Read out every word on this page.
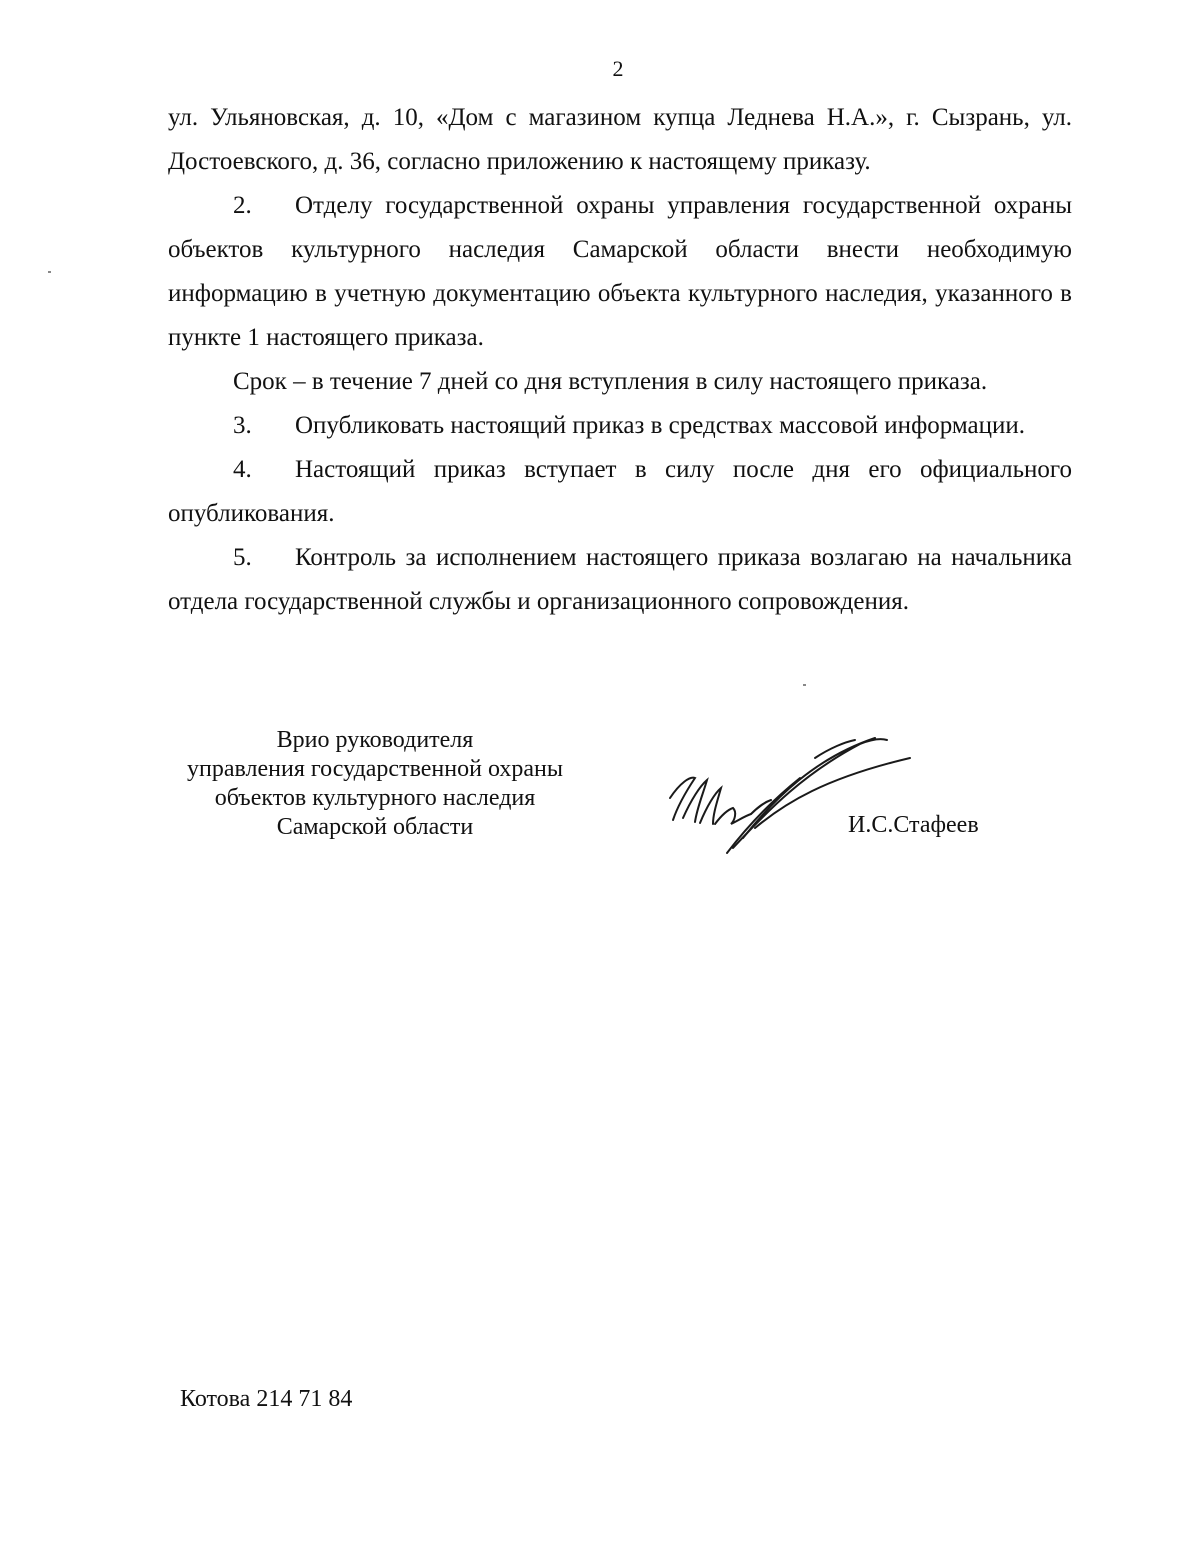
2

ул. Ульяновская, д. 10, «Дом с магазином купца Леднева Н.А.», г. Сызрань, ул. Достоевского, д. 36, согласно приложению к настоящему приказу.

2. Отделу государственной охраны управления государственной охраны объектов культурного наследия Самарской области внести необходимую информацию в учетную документацию объекта культурного наследия, указанного в пункте 1 настоящего приказа.

Срок – в течение 7 дней со дня вступления в силу настоящего приказа.

3. Опубликовать настоящий приказ в средствах массовой информации.

4. Настоящий приказ вступает в силу после дня его официального опубликования.

5. Контроль за исполнением настоящего приказа возлагаю на начальника отдела государственной службы и организационного сопровождения.

Врио руководителя
управления государственной охраны
объектов культурного наследия
Самарской области	И.С.Стафеев
Котова 214 71 84
